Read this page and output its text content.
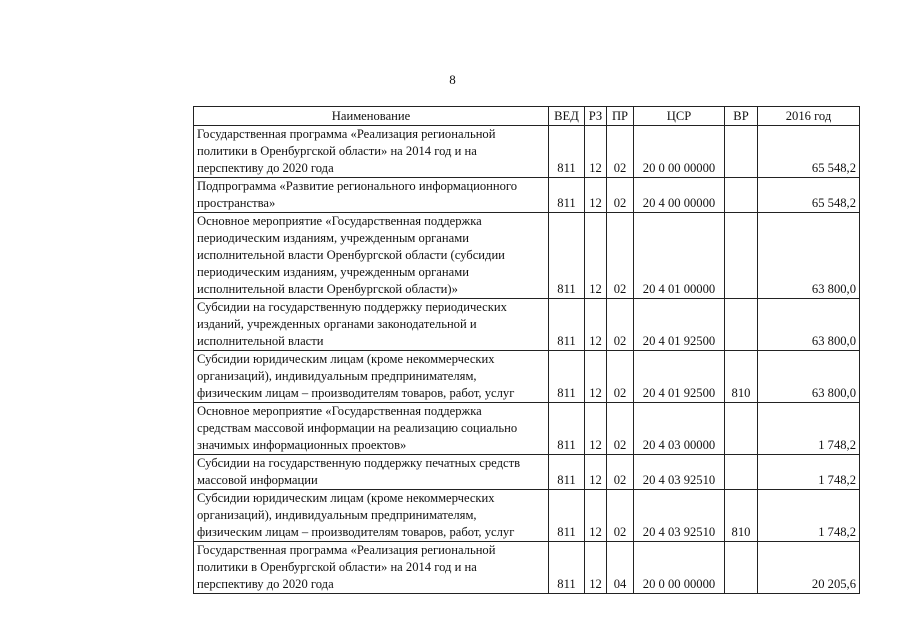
8
Наименование	ВЕД	РЗ	ПР	ЦСР	ВР	2016 год

Государственная программа «Реализация региональной
политики в Оренбургской области» на 2014 год и на
перспективу до 2020 года	811	12	02	20 0 00 00000		65 548,2

Подпрограмма «Развитие регионального информационного
пространства»	811	12	02	20 4 00 00000		65 548,2

Основное мероприятие «Государственная поддержка
периодическим изданиям, учрежденным органами
исполнительной власти Оренбургской области (субсидии
периодическим изданиям, учрежденным органами
исполнительной власти Оренбургской области)»	811	12	02	20 4 01 00000		63 800,0

Субсидии на государственную поддержку периодических
изданий, учрежденных органами законодательной и
исполнительной власти	811	12	02	20 4 01 92500		63 800,0

Субсидии юридическим лицам (кроме некоммерческих
организаций), индивидуальным предпринимателям,
физическим лицам – производителям товаров, работ, услуг	811	12	02	20 4 01 92500	810	63 800,0

Основное мероприятие «Государственная поддержка
средствам массовой информации на реализацию социально
значимых информационных проектов»	811	12	02	20 4 03 00000		1 748,2

Субсидии на государственную поддержку печатных средств
массовой информации	811	12	02	20 4 03 92510		1 748,2

Субсидии юридическим лицам (кроме некоммерческих
организаций), индивидуальным предпринимателям,
физическим лицам – производителям товаров, работ, услуг	811	12	02	20 4 03 92510	810	1 748,2

Государственная программа «Реализация региональной
политики в Оренбургской области» на 2014 год и на
перспективу до 2020 года	811	12	04	20 0 00 00000		20 205,6
